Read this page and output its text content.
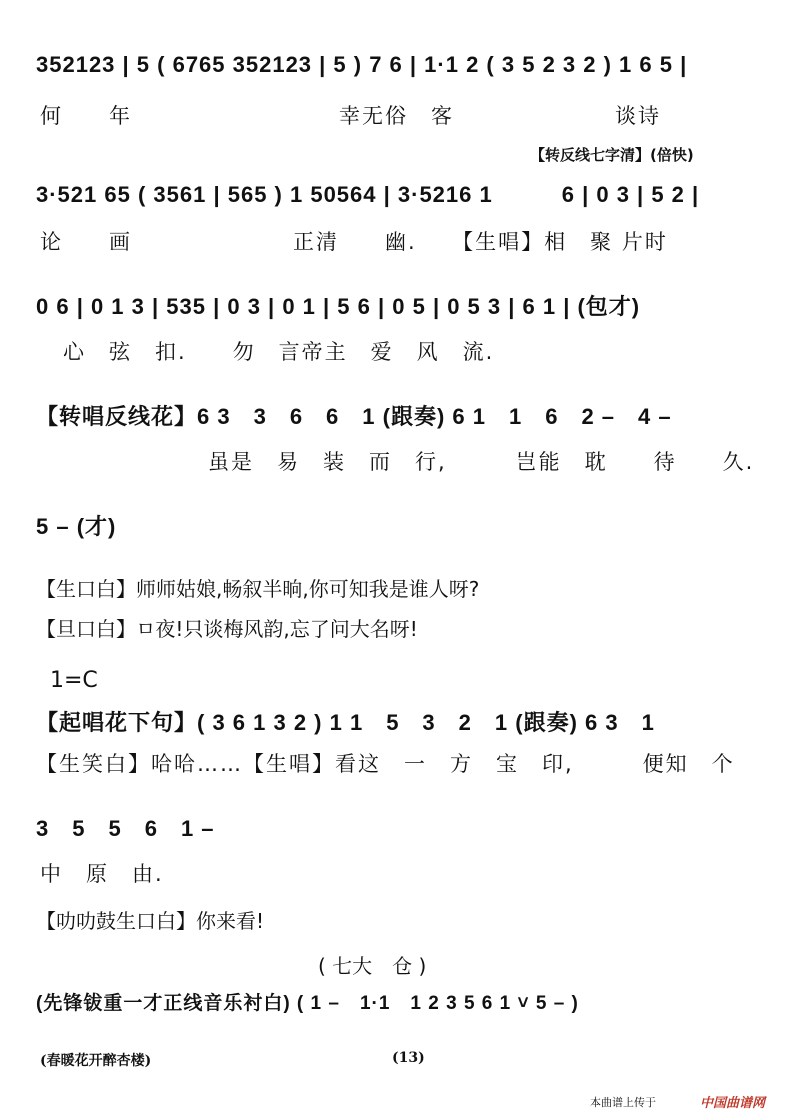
352123 | 5 ( 6765 352123 | 5 ) 7 6 | 1·1 2 ( 3 5 2 3 2 ) 1 6 5 |
何　　年　　　　　　　　　幸无俗　客　　　　　　　谈诗
【转反线七字清】(倍快)
3·521 65 ( 3561 | 565 ) 1 50564 | 3·5216 1　　　6 | 0 3 | 5 2 |
论　　画　　　　　　　正清　　幽.　　【生唱】相　聚 片时
0 6 | 0 1 3 | 535 | 0 3 | 0 1 | 5 6 | 0 5 | 0 5 3 | 6 1 | (包才)
　心　弦　扣.　　勿　言帝主　爱　风　流.
【转唱反线花】6 3　3　6　6　1 (跟奏) 6 1　1　6　2 –　4 –
虽是　易　装　而　行,　　　岂能　耽　　待　　久.
5 – (才)
【生口白】师师姑娘,畅叙半晌,你可知我是谁人呀?
【旦口白】ㅁ夜!只谈梅风韵,忘了问大名呀!
1=C
【起唱花下句】( 3 6 1 3 2 ) 1 1　5　3　2　1 (跟奏) 6 3　1
【生笑白】哈哈……【生唱】看这　一　方　宝　印,　　　便知　个
3　5　5　6　1 –
中　原　由.
【叻叻鼓生口白】你来看!
( 七大　仓 )
(先锋钹重一才正线音乐衬白) ( 1 –　1·1　1 2 3 5 6 1 ˅ 5 – )
(春暖花开醉杏楼)	(13)
本曲谱上传于	中国曲谱网
